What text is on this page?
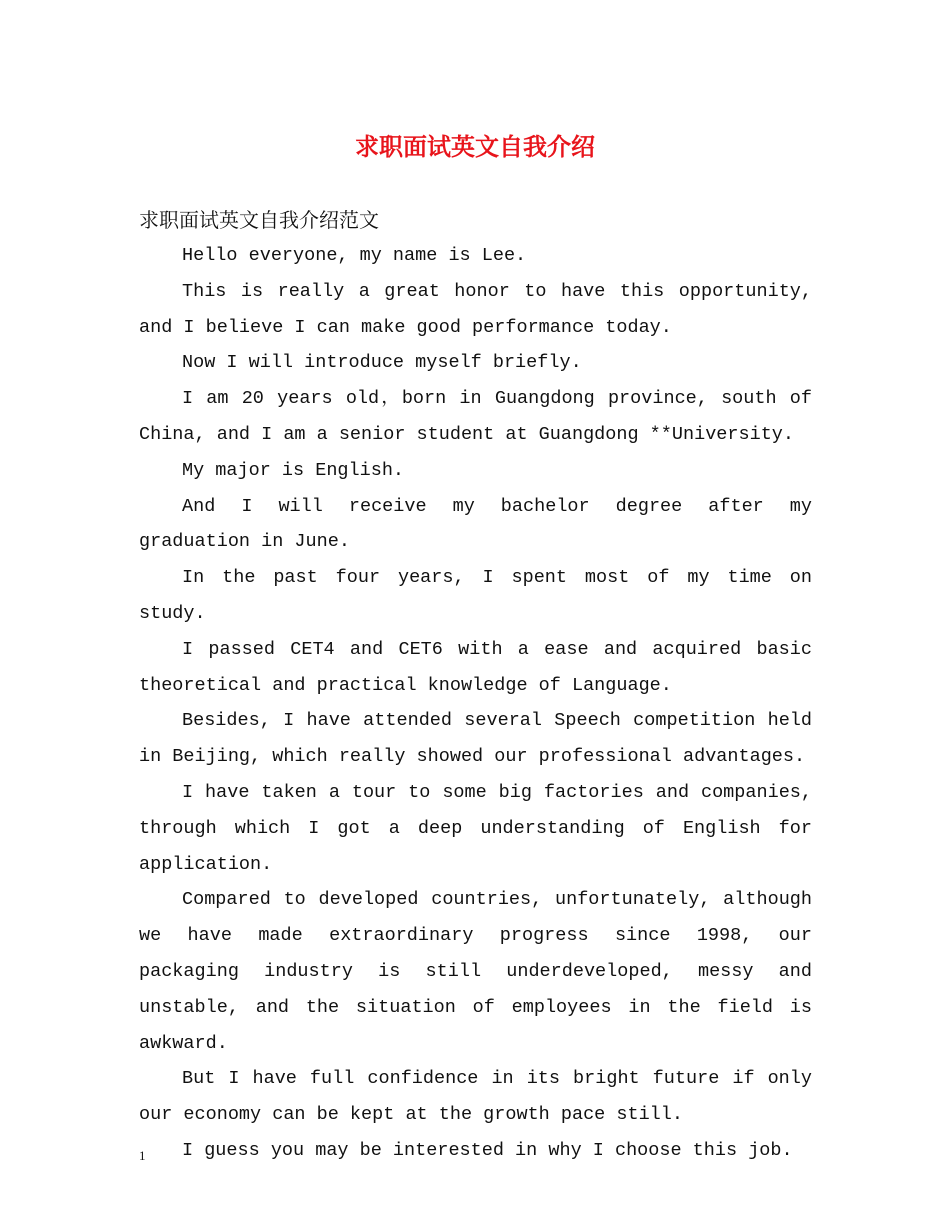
求职面试英文自我介绍
求职面试英文自我介绍范文

Hello everyone, my name is Lee.

This is really a great honor to have this opportunity, and I believe I can make good performance today.

Now I will introduce myself briefly.

I am 20 years old，born in Guangdong province, south of China, and I am a senior student at Guangdong **University.

My major is English.

And I will receive my bachelor degree after my graduation in June.

In the past four years, I spent most of my time on study.

I passed CET4 and CET6 with a ease and acquired basic theoretical and practical knowledge of Language.

Besides, I have attended several Speech competition held in Beijing, which really showed our professional advantages.

I have taken a tour to some big factories and companies, through which I got a deep understanding of English for application.

Compared to developed countries, unfortunately, although we have made extraordinary progress since 1998, our packaging industry is still underdeveloped, messy and unstable, and the situation of employees in the field is awkward.

But I have full confidence in its bright future if only our economy can be kept at the growth pace still.

I guess you may be interested in why I choose this job.

1
